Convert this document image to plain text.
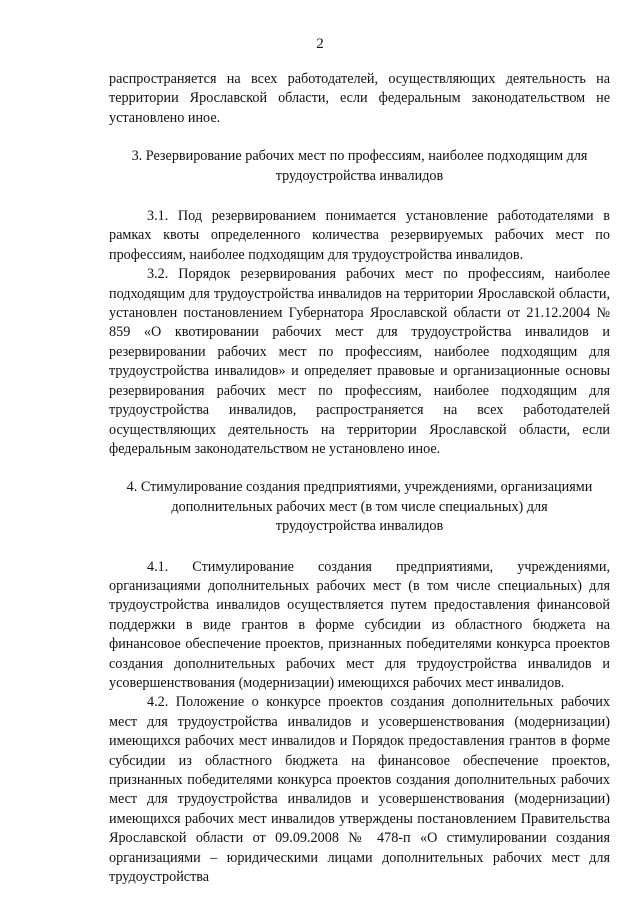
2

распространяется на всех работодателей, осуществляющих деятельность на территории Ярославской области, если федеральным законодательством не установлено иное.

3. Резервирование рабочих мест по профессиям, наиболее подходящим для
трудоустройства инвалидов

3.1. Под резервированием понимается установление работодателями в рамках квоты определенного количества резервируемых рабочих мест по профессиям, наиболее подходящим для трудоустройства инвалидов.

3.2. Порядок резервирования рабочих мест по профессиям, наиболее подходящим для трудоустройства инвалидов на территории Ярославской области, установлен постановлением Губернатора Ярославской области от 21.12.2004 № 859 «О квотировании рабочих мест для трудоустройства инвалидов и резервировании рабочих мест по профессиям, наиболее подходящим для трудоустройства инвалидов» и определяет правовые и организационные основы резервирования рабочих мест по профессиям, наиболее подходящим для трудоустройства инвалидов, распространяется на всех работодателей осуществляющих деятельность на территории Ярославской области, если федеральным законодательством не установлено иное.

4. Стимулирование создания предприятиями, учреждениями, организациями
дополнительных рабочих мест (в том числе специальных) для
трудоустройства инвалидов

4.1. Стимулирование создания предприятиями, учреждениями, организациями дополнительных рабочих мест (в том числе специальных) для трудоустройства инвалидов осуществляется путем предоставления финансовой поддержки в виде грантов в форме субсидии из областного бюджета на финансовое обеспечение проектов, признанных победителями конкурса проектов создания дополнительных рабочих мест для трудоустройства инвалидов и усовершенствования (модернизации) имеющихся рабочих мест инвалидов.

4.2. Положение о конкурсе проектов создания дополнительных рабочих мест для трудоустройства инвалидов и усовершенствования (модернизации) имеющихся рабочих мест инвалидов и Порядок предоставления грантов в форме субсидии из областного бюджета на финансовое обеспечение проектов, признанных победителями конкурса проектов создания дополнительных рабочих мест для трудоустройства инвалидов и усовершенствования (модернизации) имеющихся рабочих мест инвалидов утверждены постановлением Правительства Ярославской области от 09.09.2008 № 478-п «О стимулировании создания организациями – юридическими лицами дополнительных рабочих мест для трудоустройства
